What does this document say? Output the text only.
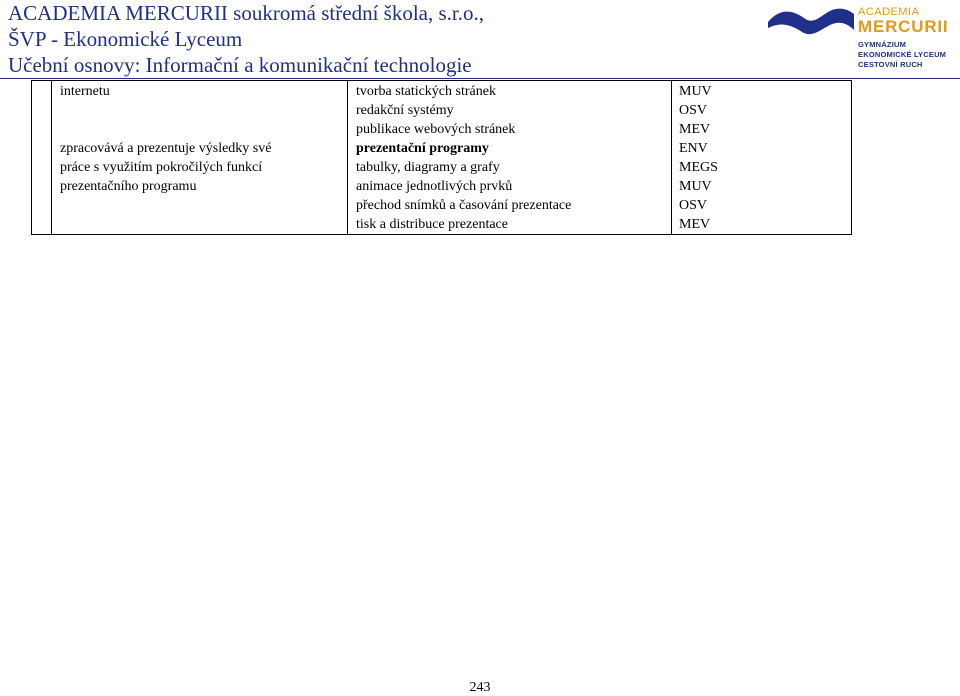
ACADEMIA MERCURII soukromá střední škola, s.r.o.,
ŠVP - Ekonomické Lyceum
Učební osnovy: Informační a komunikační technologie
ACADEMIA
MERCURII
GYMNÁZIUM
EKONOMICKÉ LYCEUM
CESTOVNÍ RUCH
internetu
zpracovává a prezentuje výsledky své
práce s využitím pokročilých funkcí
prezentačního programu
tvorba statických stránek
redakční systémy
publikace webových stránek
prezentační programy
tabulky, diagramy a grafy
animace jednotlivých prvků
přechod snímků a časování prezentace
tisk a distribuce prezentace
MUV
OSV
MEV
ENV
MEGS
MUV
OSV
MEV
243
